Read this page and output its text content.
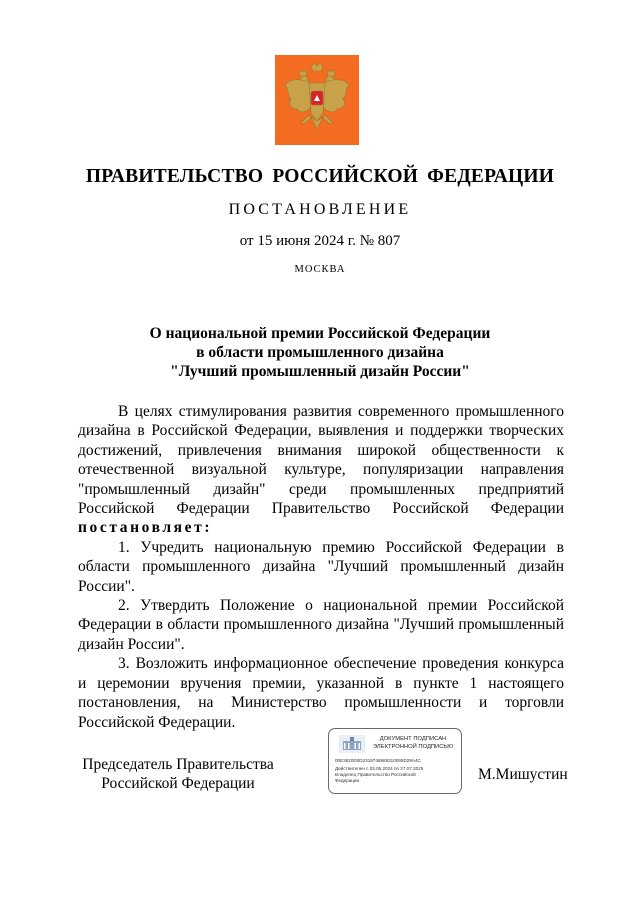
ПРАВИТЕЛЬСТВО РОССИЙСКОЙ ФЕДЕРАЦИИ
ПОСТАНОВЛЕНИЕ
от 15 июня 2024 г. № 807
МОСКВА
О национальной премии Российской Федерации
в области промышленного дизайна
"Лучший промышленный дизайн России"

В целях стимулирования развития современного промышленного дизайна в Российской Федерации, выявления и поддержки творческих достижений, привлечения внимания широкой общественности к отечественной визуальной культуре, популяризации направления "промышленный дизайн" среди промышленных предприятий Российской Федерации Правительство Российской Федерации постановляет:

1. Учредить национальную премию Российской Федерации в области промышленного дизайна "Лучший промышленный дизайн России".

2. Утвердить Положение о национальной премии Российской Федерации в области промышленного дизайна "Лучший промышленный дизайн России".

3. Возложить информационное обеспечение проведения конкурса и церемонии вручения премии, указанной в пункте 1 настоящего постановления, на Министерство промышленности и торговли Российской Федерации.

Председатель Правительства
Российской Федерации
ДОКУМЕНТ ПОДПИСАН
ЭЛЕКТРОННОЙ ПОДПИСЬЮ
00E3620D0D2319746989310069D28A4C
Действителен с 03.05.2024 по 27.07.2025
Владелец Правительство Российской
Федерации	М.Мишустин
